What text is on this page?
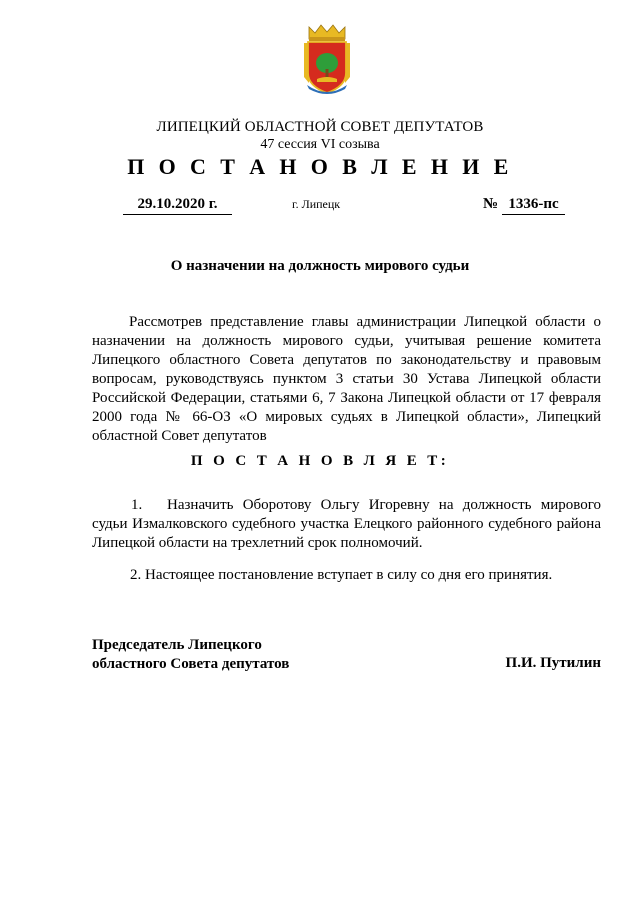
ЛИПЕЦКИЙ ОБЛАСТНОЙ СОВЕТ ДЕПУТАТОВ
47 сессия VI созыва
П О С Т А Н О В Л Е Н И Е
29.10.2020 г.	г. Липецк	№ 1336-пс
О назначении на должность мирового судьи

Рассмотрев представление главы администрации Липецкой области о назначении на должность мирового судьи, учитывая решение комитета Липецкого областного Совета депутатов по законодательству и правовым вопросам, руководствуясь пунктом 3 статьи 30 Устава Липецкой области Российской Федерации, статьями 6, 7 Закона Липецкой области от 17 февраля 2000 года № 66-ОЗ «О мировых судьях в Липецкой области», Липецкий областной Совет депутатов

П О С Т А Н О В Л Я Е Т:

1. Назначить Оборотову Ольгу Игоревну на должность мирового судьи Измалковского судебного участка Елецкого районного судебного района Липецкой области на трехлетний срок полномочий.

2. Настоящее постановление вступает в силу со дня его принятия.

Председатель Липецкого
областного Совета депутатов	П.И. Путилин
